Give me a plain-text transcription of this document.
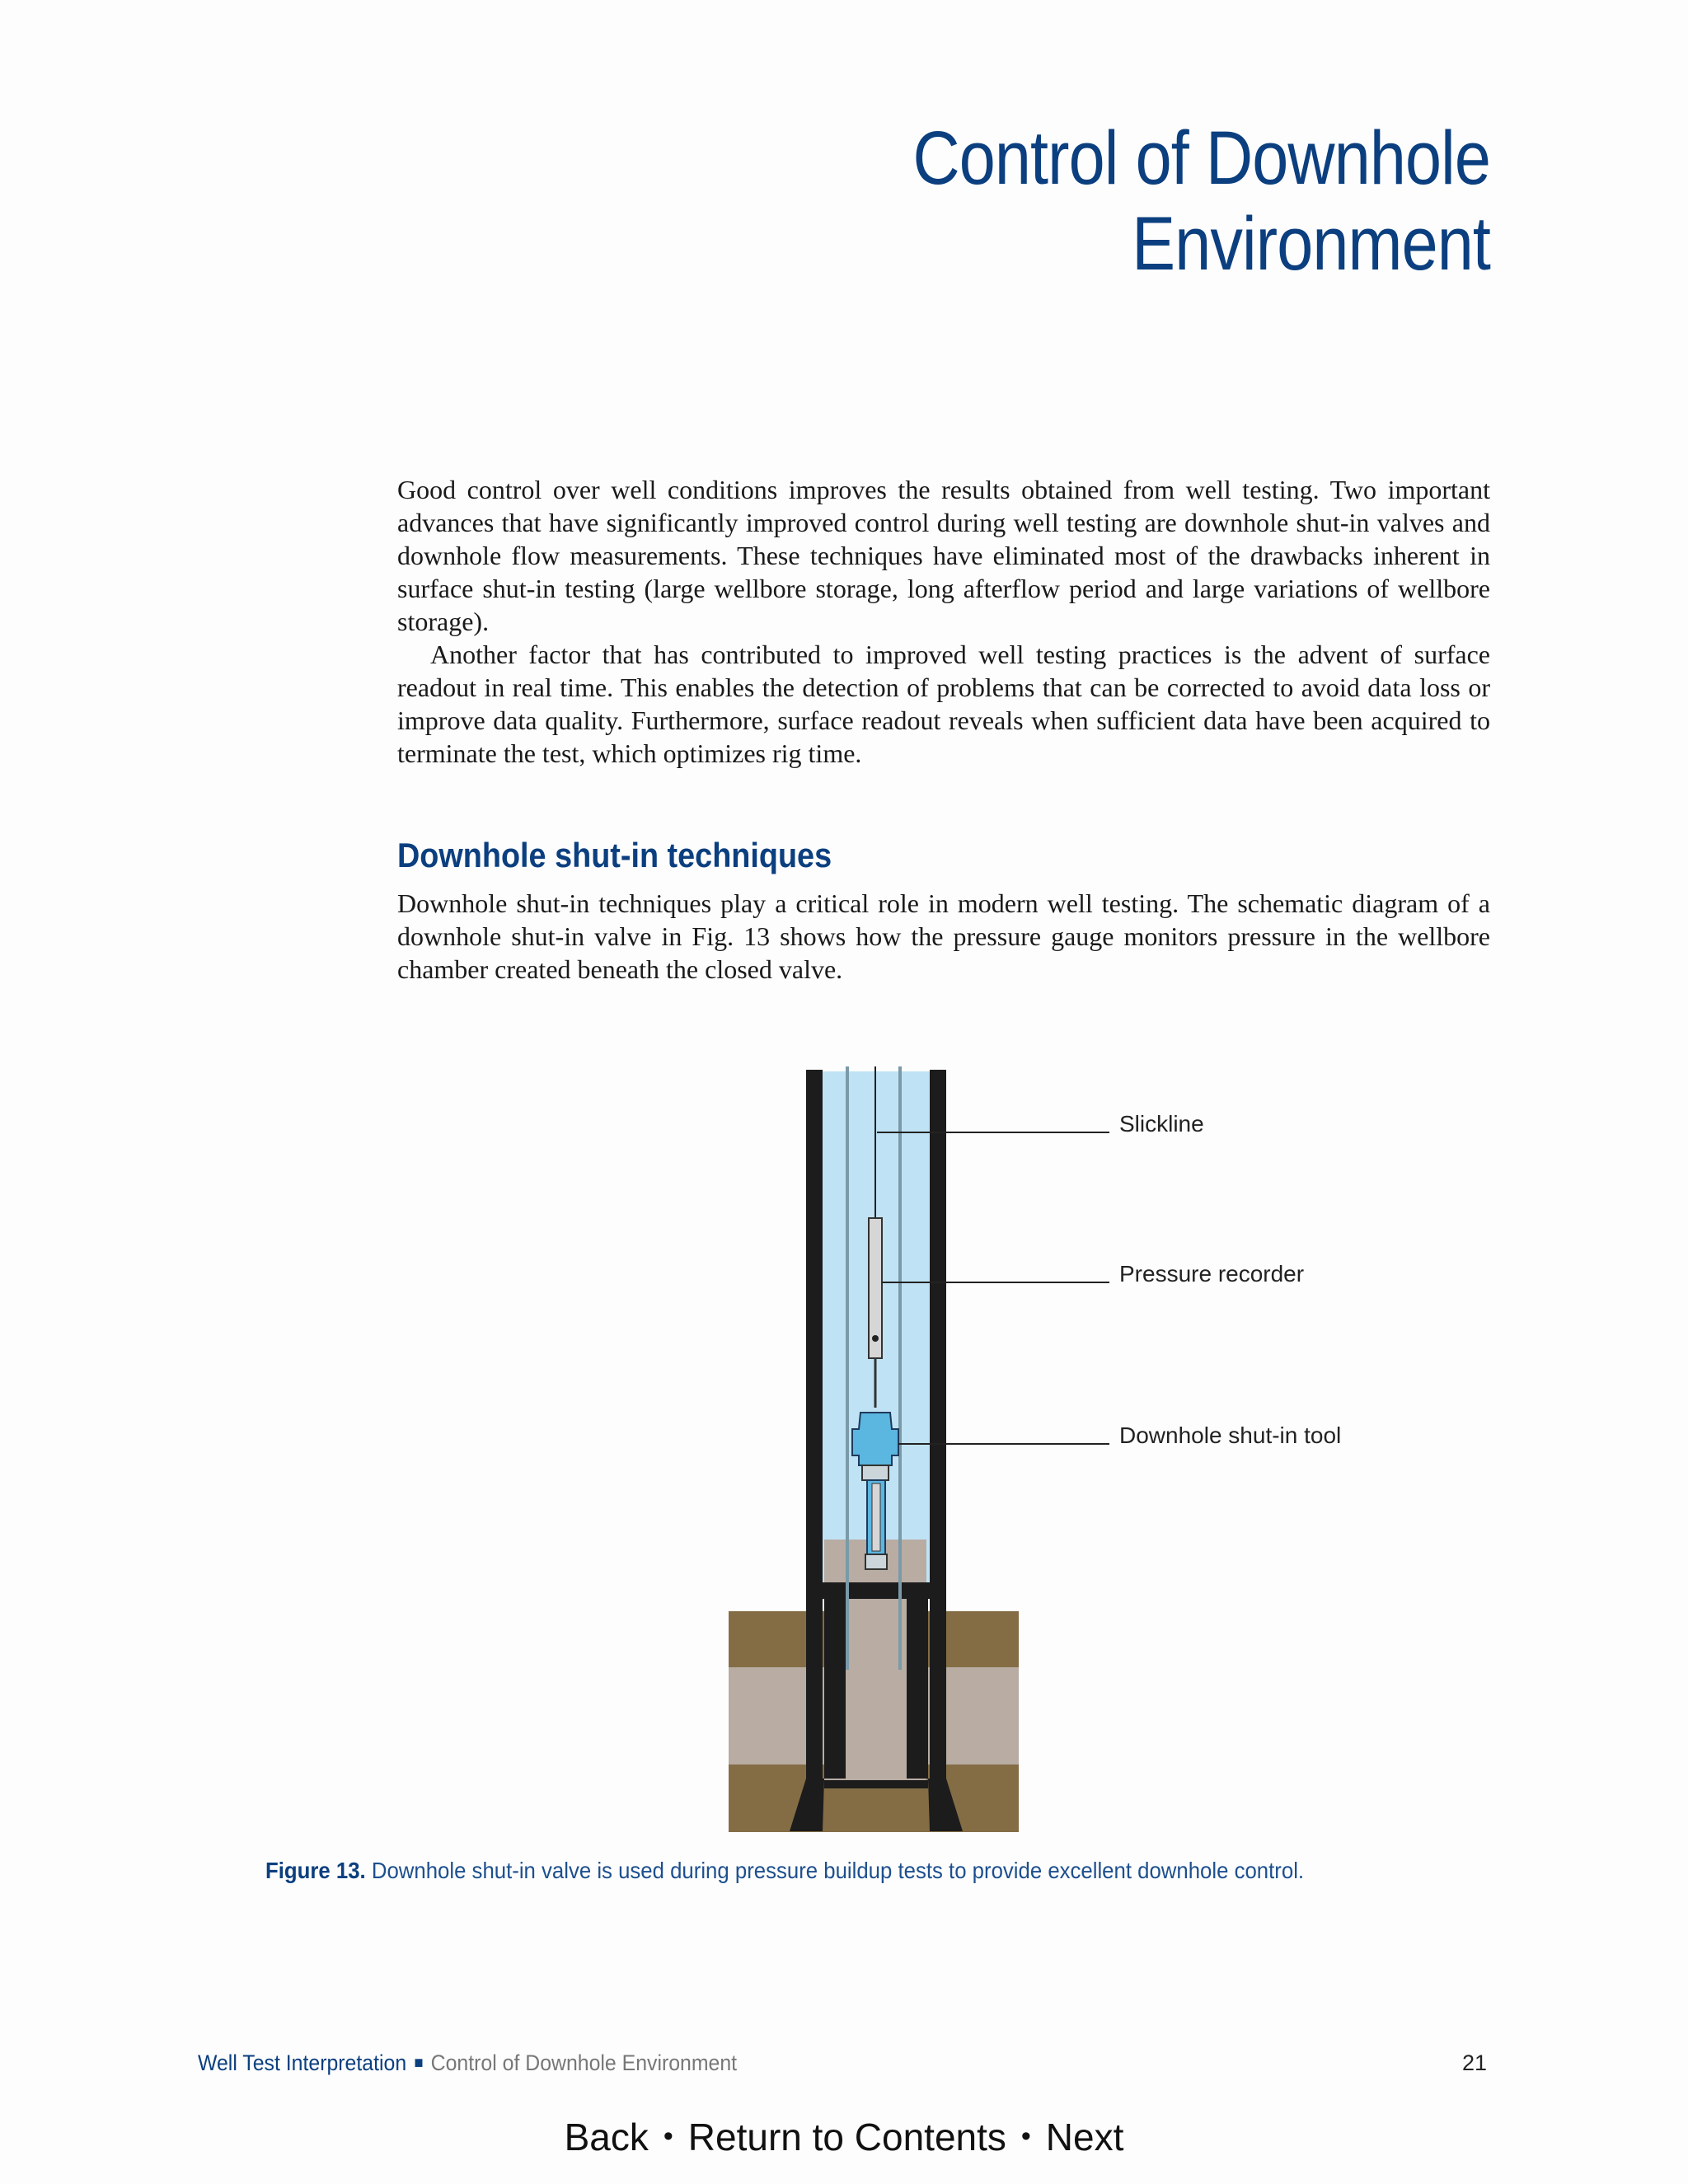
Control of Downhole
Environment

Good control over well conditions improves the results obtained from well testing. Two important advances that have significantly improved control during well testing are downhole shut-in valves and downhole flow measurements. These techniques have eliminated most of the drawbacks inherent in surface shut-in testing (large wellbore storage, long afterflow period and large variations of wellbore storage).

Another factor that has contributed to improved well testing practices is the advent of surface readout in real time. This enables the detection of problems that can be corrected to avoid data loss or improve data quality. Furthermore, surface readout reveals when sufficient data have been acquired to terminate the test, which optimizes rig time.

Downhole shut-in techniques

Downhole shut-in techniques play a critical role in modern well testing. The schematic diagram of a downhole shut-in valve in Fig. 13 shows how the pressure gauge monitors pressure in the wellbore chamber created beneath the closed valve.

Slickline
Pressure recorder
Downhole shut-in tool
Figure 13. Downhole shut-in valve is used during pressure buildup tests to provide excellent downhole control.
Well Test Interpretation ■ Control of Downhole Environment	21
Back • Return to Contents • Next
